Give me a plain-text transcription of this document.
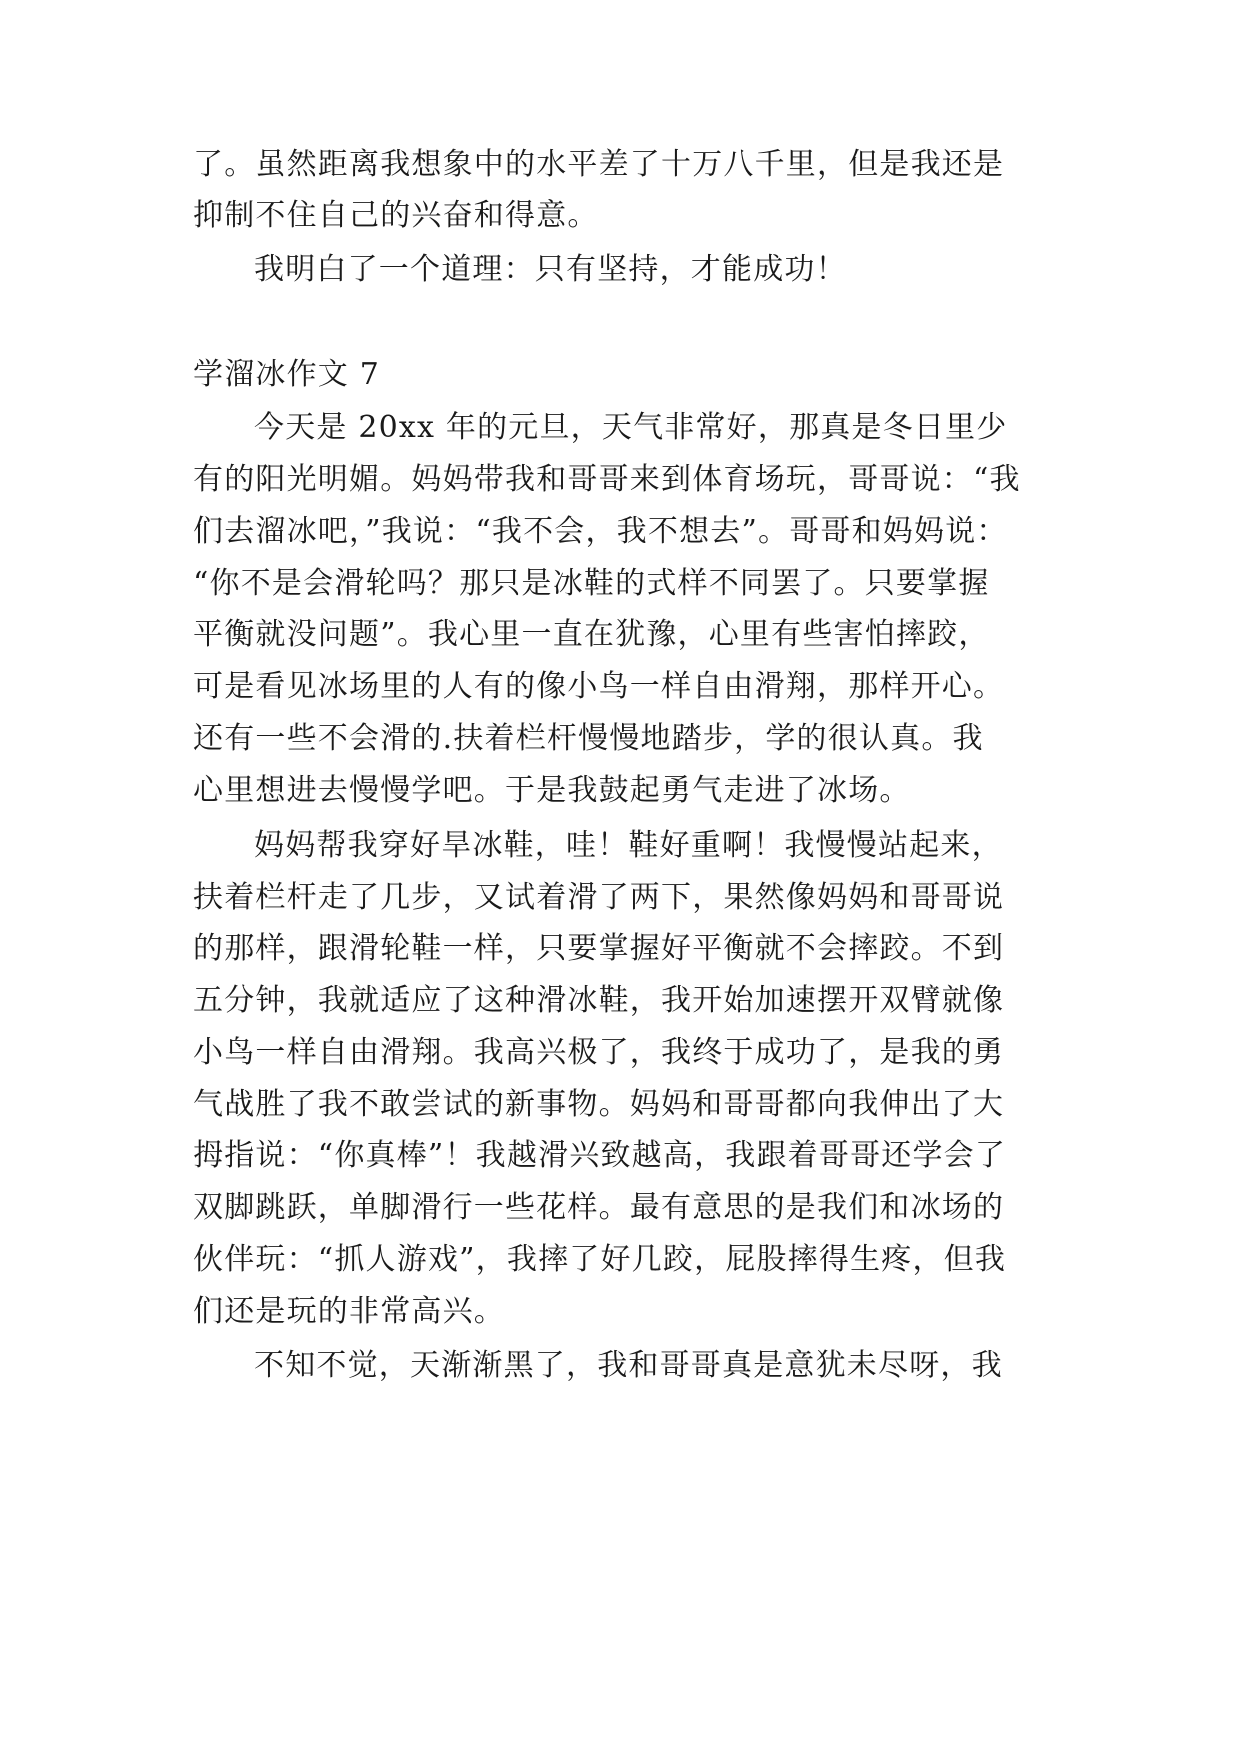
了。虽然距离我想象中的水平差了十万八千里，但是我还是
抑制不住自己的兴奋和得意。
我明白了一个道理：只有坚持，才能成功！
学溜冰作文 7
今天是 20xx 年的元旦，天气非常好，那真是冬日里少
有的阳光明媚。妈妈带我和哥哥来到体育场玩，哥哥说：“我
们去溜冰吧，”我说：“我不会，我不想去”。哥哥和妈妈说：
“你不是会滑轮吗？那只是冰鞋的式样不同罢了。只要掌握
平衡就没问题”。我心里一直在犹豫，心里有些害怕摔跤，
可是看见冰场里的人有的像小鸟一样自由滑翔，那样开心。
还有一些不会滑的.扶着栏杆慢慢地踏步，学的很认真。我
心里想进去慢慢学吧。于是我鼓起勇气走进了冰场。
妈妈帮我穿好旱冰鞋，哇！鞋好重啊！我慢慢站起来，
扶着栏杆走了几步，又试着滑了两下，果然像妈妈和哥哥说
的那样，跟滑轮鞋一样，只要掌握好平衡就不会摔跤。不到
五分钟，我就适应了这种滑冰鞋，我开始加速摆开双臂就像
小鸟一样自由滑翔。我高兴极了，我终于成功了，是我的勇
气战胜了我不敢尝试的新事物。妈妈和哥哥都向我伸出了大
拇指说：“你真棒”！我越滑兴致越高，我跟着哥哥还学会了
双脚跳跃，单脚滑行一些花样。最有意思的是我们和冰场的
伙伴玩：“抓人游戏”，我摔了好几跤，屁股摔得生疼，但我
们还是玩的非常高兴。
不知不觉，天渐渐黑了，我和哥哥真是意犹未尽呀，我
